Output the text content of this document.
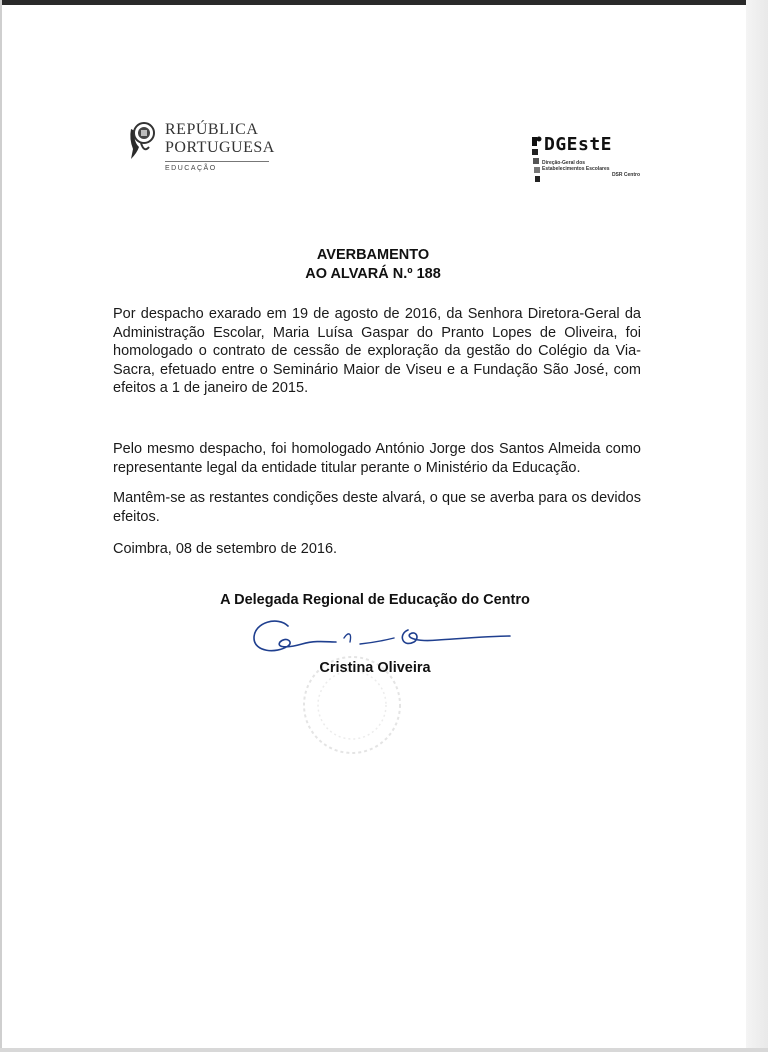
REPÚBLICA
PORTUGUESA
EDUCAÇÃO
DGEstE
Direção-Geral dos
Estabelecimentos Escolares
DSR Centro
AVERBAMENTO
AO ALVARÁ N.º 188

Por despacho exarado em 19 de agosto de 2016, da Senhora Diretora-Geral da Administração Escolar, Maria Luísa Gaspar do Pranto Lopes de Oliveira, foi homologado o contrato de cessão de exploração da gestão do Colégio da Via-Sacra, efetuado entre o Seminário Maior de Viseu e a Fundação São José, com efeitos a 1 de janeiro de 2015.

Pelo mesmo despacho, foi homologado António Jorge dos Santos Almeida como representante legal da entidade titular perante o Ministério da Educação.

Mantêm-se as restantes condições deste alvará, o que se averba para os devidos efeitos.

Coimbra, 08 de setembro de 2016.

A Delegada Regional de Educação do Centro
Cristina Oliveira
